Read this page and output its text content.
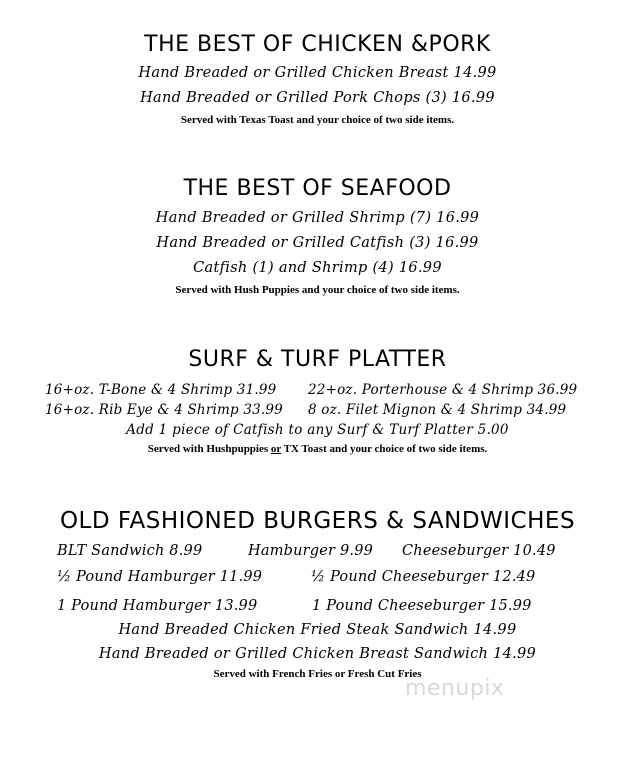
THE BEST OF CHICKEN &PORK
Hand Breaded or Grilled Chicken Breast 14.99
Hand Breaded or Grilled Pork Chops (3) 16.99
Served with Texas Toast and your choice of two side items.
THE BEST OF SEAFOOD
Hand Breaded or Grilled Shrimp (7) 16.99
Hand Breaded or Grilled Catfish (3) 16.99
Catfish (1) and Shrimp (4) 16.99
Served with Hush Puppies and your choice of two side items.
SURF & TURF PLATTER
16+oz. T-Bone & 4 Shrimp 31.99 22+oz. Porterhouse & 4 Shrimp 36.99
16+oz. Rib Eye & 4 Shrimp 33.99 8 oz. Filet Mignon & 4 Shrimp 34.99
Add 1 piece of Catfish to any Surf & Turf Platter 5.00
Served with Hushpuppies or TX Toast and your choice of two side items.
OLD FASHIONED BURGERS & SANDWICHES
BLT Sandwich 8.99	Hamburger 9.99 Cheeseburger 10.49
½ Pound Hamburger 11.99	½ Pound Cheeseburger 12.49
1 Pound Hamburger 13.99	1 Pound Cheeseburger 15.99
Hand Breaded Chicken Fried Steak Sandwich 14.99
Hand Breaded or Grilled Chicken Breast Sandwich 14.99
Served with French Fries or Fresh Cut Fries
menupix
